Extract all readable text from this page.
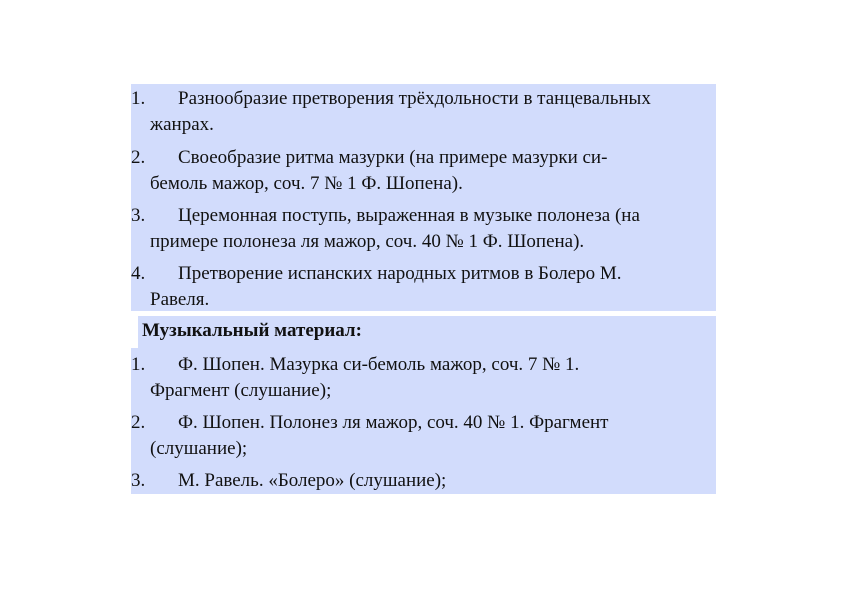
1.	Разнообразие претворения трёхдольности в танцевальных
жанрах.
2.	Своеобразие ритма мазурки (на примере мазурки си-
бемоль мажор, соч. 7 № 1 Ф. Шопена).
3.	Церемонная поступь, выраженная в музыке полонеза (на
примере полонеза ля мажор, соч. 40 № 1 Ф. Шопена).
4.	Претворение испанских народных ритмов в Болеро М.
Равеля.

Музыкальный материал:

1.	Ф. Шопен. Мазурка си-бемоль мажор, соч. 7 № 1.
Фрагмент (слушание);
2.	Ф. Шопен. Полонез ля мажор, соч. 40 № 1. Фрагмент
(слушание);
3.	М. Равель. «Болеро» (слушание);
